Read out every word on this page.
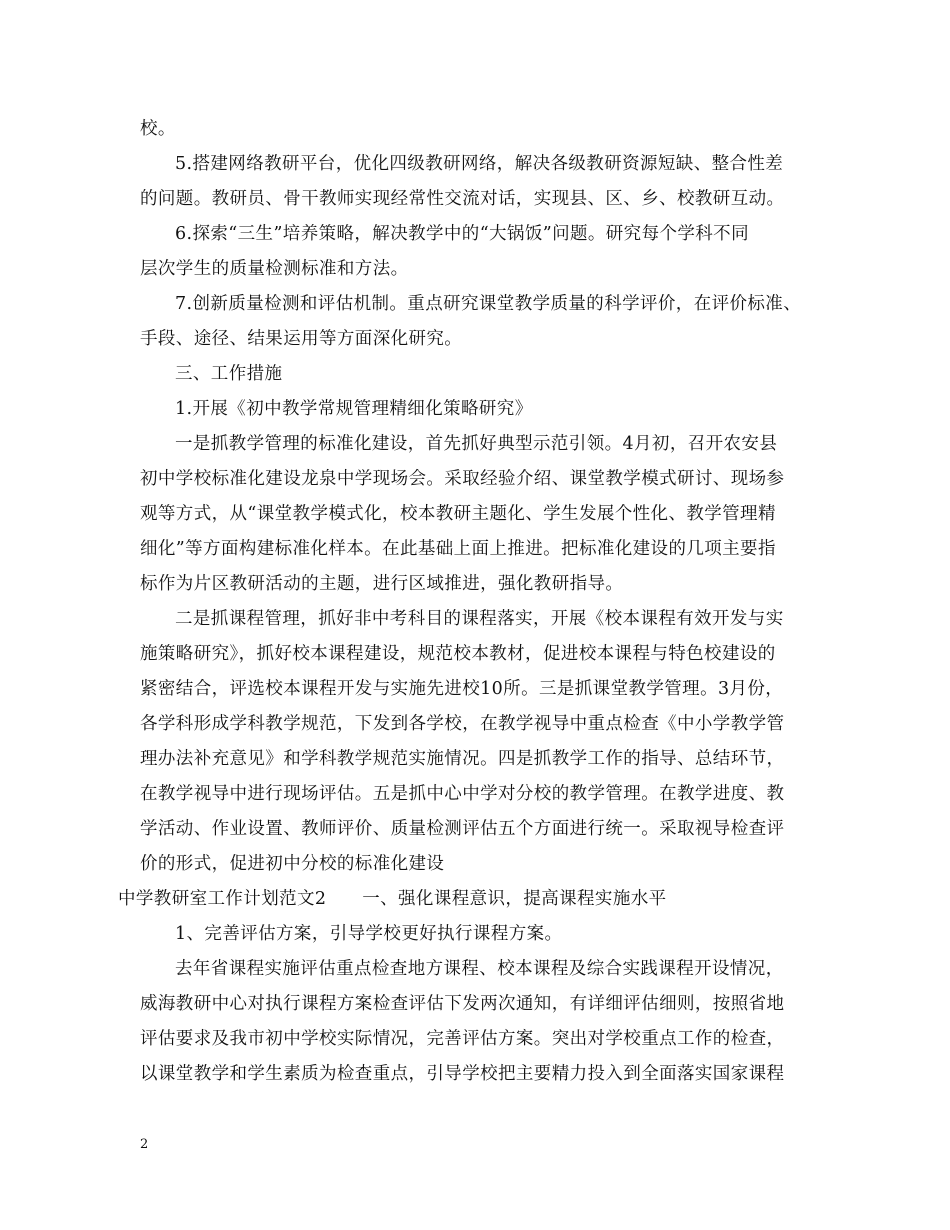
校。
5.搭建网络教研平台，优化四级教研网络，解决各级教研资源短缺、整合性差
的问题。教研员、骨干教师实现经常性交流对话，实现县、区、乡、校教研互动。
6.探索“三生”培养策略，解决教学中的“大锅饭”问题。研究每个学科不同
层次学生的质量检测标准和方法。
7.创新质量检测和评估机制。重点研究课堂教学质量的科学评价，在评价标准、
手段、途径、结果运用等方面深化研究。
三、工作措施
1.开展《初中教学常规管理精细化策略研究》
一是抓教学管理的标准化建设，首先抓好典型示范引领。4月初，召开农安县
初中学校标准化建设龙泉中学现场会。采取经验介绍、课堂教学模式研讨、现场参
观等方式，从“课堂教学模式化，校本教研主题化、学生发展个性化、教学管理精
细化”等方面构建标准化样本。在此基础上面上推进。把标准化建设的几项主要指
标作为片区教研活动的主题，进行区域推进，强化教研指导。
二是抓课程管理，抓好非中考科目的课程落实，开展《校本课程有效开发与实
施策略研究》，抓好校本课程建设，规范校本教材，促进校本课程与特色校建设的
紧密结合，评选校本课程开发与实施先进校10所。三是抓课堂教学管理。3月份，
各学科形成学科教学规范，下发到各学校，在教学视导中重点检查《中小学教学管
理办法补充意见》和学科教学规范实施情况。四是抓教学工作的指导、总结环节，
在教学视导中进行现场评估。五是抓中心中学对分校的教学管理。在教学进度、教
学活动、作业设置、教师评价、质量检测评估五个方面进行统一。采取视导检查评
价的形式，促进初中分校的标准化建设
中学教研室工作计划范文2　　一、强化课程意识，提高课程实施水平
1、完善评估方案，引导学校更好执行课程方案。
去年省课程实施评估重点检查地方课程、校本课程及综合实践课程开设情况，
威海教研中心对执行课程方案检查评估下发两次通知，有详细评估细则，按照省地
评估要求及我市初中学校实际情况，完善评估方案。突出对学校重点工作的检查，
以课堂教学和学生素质为检查重点，引导学校把主要精力投入到全面落实国家课程
2
